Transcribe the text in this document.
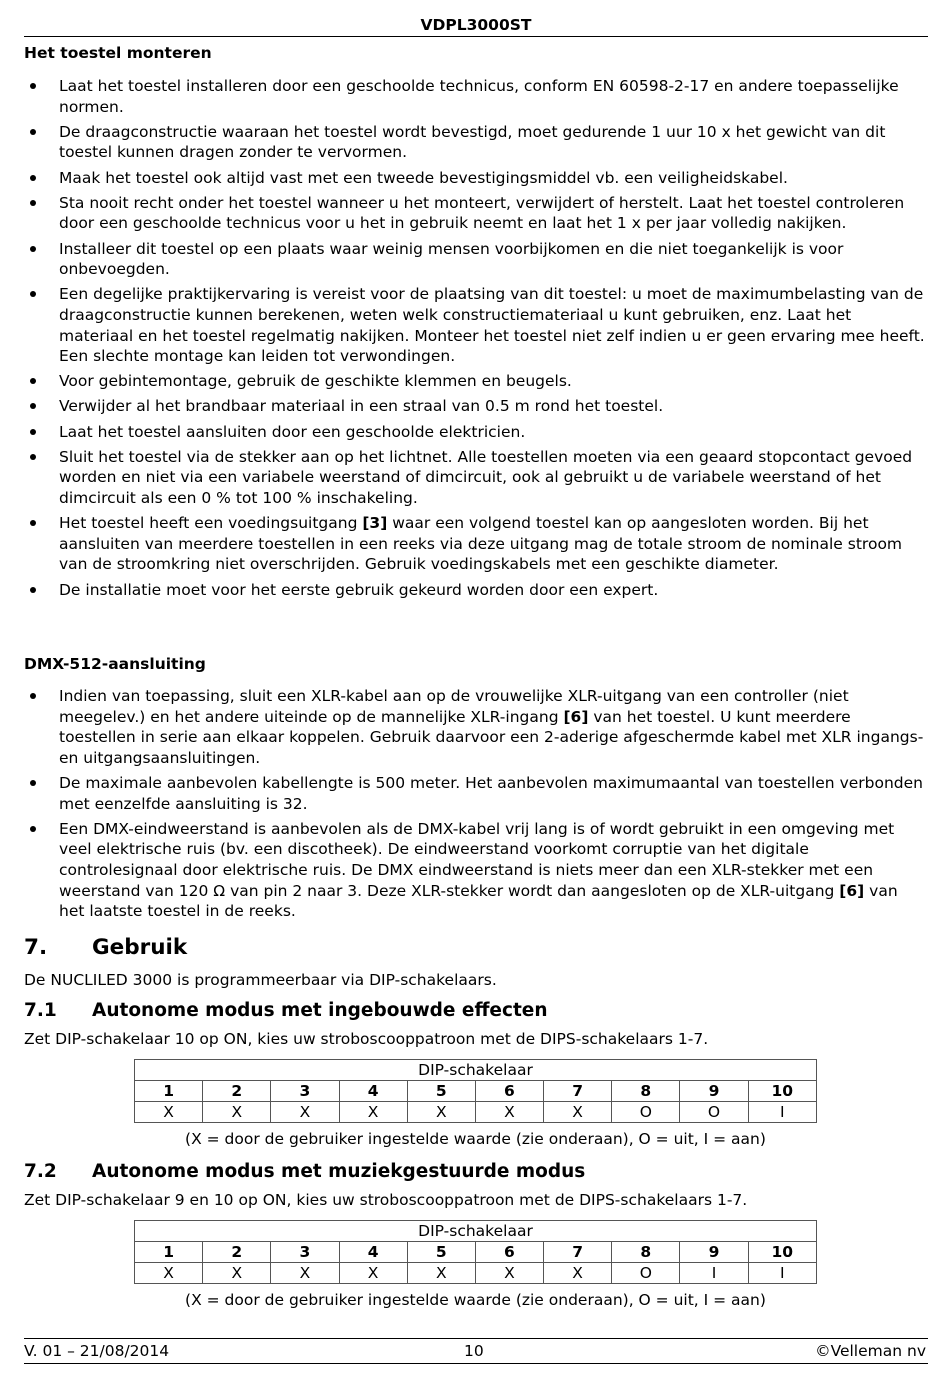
VDPL3000ST

Het toestel monteren

Laat het toestel installeren door een geschoolde technicus, conform EN 60598-2-17 en andere toepasselijke normen.
De draagconstructie waaraan het toestel wordt bevestigd, moet gedurende 1 uur 10 x het gewicht van dit toestel kunnen dragen zonder te vervormen.
Maak het toestel ook altijd vast met een tweede bevestigingsmiddel vb. een veiligheidskabel.
Sta nooit recht onder het toestel wanneer u het monteert, verwijdert of herstelt. Laat het toestel controleren door een geschoolde technicus voor u het in gebruik neemt en laat het 1 x per jaar volledig nakijken.
Installeer dit toestel op een plaats waar weinig mensen voorbijkomen en die niet toegankelijk is voor onbevoegden.
Een degelijke praktijkervaring is vereist voor de plaatsing van dit toestel: u moet de maximumbelasting van de draagconstructie kunnen berekenen, weten welk constructiemateriaal u kunt gebruiken, enz. Laat het materiaal en het toestel regelmatig nakijken. Monteer het toestel niet zelf indien u er geen ervaring mee heeft. Een slechte montage kan leiden tot verwondingen.
Voor gebintemontage, gebruik de geschikte klemmen en beugels.
Verwijder al het brandbaar materiaal in een straal van 0.5 m rond het toestel.
Laat het toestel aansluiten door een geschoolde elektricien.
Sluit het toestel via de stekker aan op het lichtnet. Alle toestellen moeten via een geaard stopcontact gevoed worden en niet via een variabele weerstand of dimcircuit, ook al gebruikt u de variabele weerstand of het dimcircuit als een 0 % tot 100 % inschakeling.
Het toestel heeft een voedingsuitgang [3] waar een volgend toestel kan op aangesloten worden. Bij het aansluiten van meerdere toestellen in een reeks via deze uitgang mag de totale stroom de nominale stroom van de stroomkring niet overschrijden. Gebruik voedingskabels met een geschikte diameter.
De installatie moet voor het eerste gebruik gekeurd worden door een expert.

DMX-512-aansluiting

Indien van toepassing, sluit een XLR-kabel aan op de vrouwelijke XLR-uitgang van een controller (niet meegelev.) en het andere uiteinde op de mannelijke XLR-ingang [6] van het toestel. U kunt meerdere toestellen in serie aan elkaar koppelen. Gebruik daarvoor een 2-aderige afgeschermde kabel met XLR ingangs- en uitgangsaansluitingen.
De maximale aanbevolen kabellengte is 500 meter. Het aanbevolen maximumaantal van toestellen verbonden met eenzelfde aansluiting is 32.
Een DMX-eindweerstand is aanbevolen als de DMX-kabel vrij lang is of wordt gebruikt in een omgeving met veel elektrische ruis (bv. een discotheek). De eindweerstand voorkomt corruptie van het digitale controlesignaal door elektrische ruis. De DMX eindweerstand is niets meer dan een XLR-stekker met een weerstand van 120 Ω van pin 2 naar 3. Deze XLR-stekker wordt dan aangesloten op de XLR-uitgang [6] van het laatste toestel in de reeks.

7.	Gebruik

De NUCLILED 3000 is programmeerbaar via DIP-schakelaars.

7.1	Autonome modus met ingebouwde effecten

Zet DIP-schakelaar 10 op ON, kies uw stroboscooppatroon met de DIPS-schakelaars 1-7.

DIP-schakelaar									
1	2	3	4	5	6	7	8	9	10
X	X	X	X	X	X	X	O	O	I
(X = door de gebruiker ingestelde waarde (zie onderaan), O = uit, I = aan)

7.2	Autonome modus met muziekgestuurde modus

Zet DIP-schakelaar 9 en 10 op ON, kies uw stroboscooppatroon met de DIPS-schakelaars 1-7.

DIP-schakelaar									
1	2	3	4	5	6	7	8	9	10
X	X	X	X	X	X	X	O	I	I
(X = door de gebruiker ingestelde waarde (zie onderaan), O = uit, I = aan)
V. 01 – 21/08/2014	10	©Velleman nv
